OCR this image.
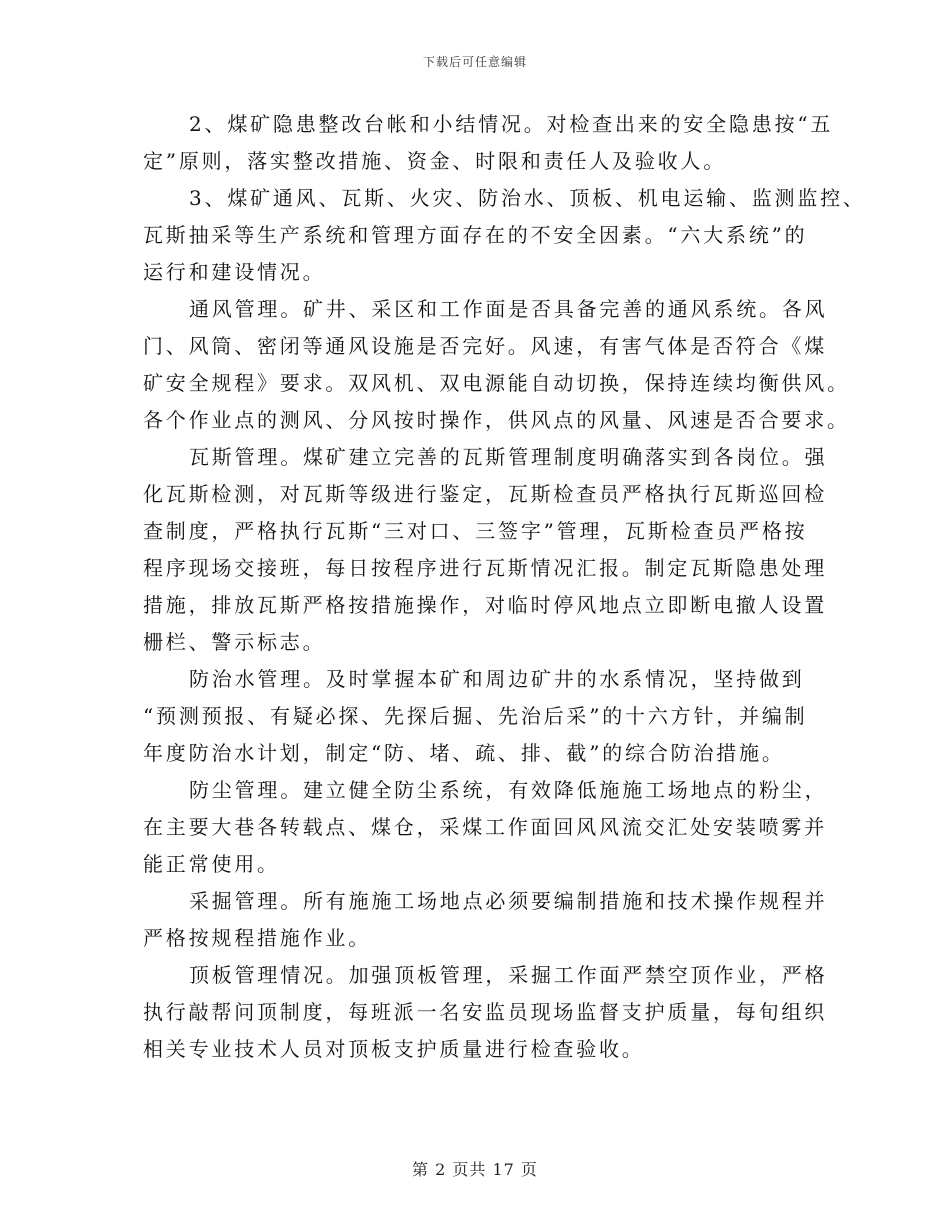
下载后可任意编辑
2、煤矿隐患整改台帐和小结情况。对检查出来的安全隐患按“五
定”原则，落实整改措施、资金、时限和责任人及验收人。
3、煤矿通风、瓦斯、火灾、防治水、顶板、机电运输、监测监控、
瓦斯抽采等生产系统和管理方面存在的不安全因素。“六大系统”的
运行和建设情况。
通风管理。矿井、采区和工作面是否具备完善的通风系统。各风
门、风筒、密闭等通风设施是否完好。风速，有害气体是否符合《煤
矿安全规程》要求。双风机、双电源能自动切换，保持连续均衡供风。
各个作业点的测风、分风按时操作，供风点的风量、风速是否合要求。
瓦斯管理。煤矿建立完善的瓦斯管理制度明确落实到各岗位。强
化瓦斯检测，对瓦斯等级进行鉴定，瓦斯检查员严格执行瓦斯巡回检
查制度，严格执行瓦斯“三对口、三签字”管理，瓦斯检查员严格按
程序现场交接班，每日按程序进行瓦斯情况汇报。制定瓦斯隐患处理
措施，排放瓦斯严格按措施操作，对临时停风地点立即断电撤人设置
栅栏、警示标志。
防治水管理。及时掌握本矿和周边矿井的水系情况，坚持做到
“预测预报、有疑必探、先探后掘、先治后采”的十六方针，并编制
年度防治水计划，制定“防、堵、疏、排、截”的综合防治措施。
防尘管理。建立健全防尘系统，有效降低施施工场地点的粉尘，
在主要大巷各转载点、煤仓，采煤工作面回风风流交汇处安装喷雾并
能正常使用。
采掘管理。所有施施工场地点必须要编制措施和技术操作规程并
严格按规程措施作业。
顶板管理情况。加强顶板管理，采掘工作面严禁空顶作业，严格
执行敲帮问顶制度，每班派一名安监员现场监督支护质量，每旬组织
相关专业技术人员对顶板支护质量进行检查验收。
第 2 页共 17 页
